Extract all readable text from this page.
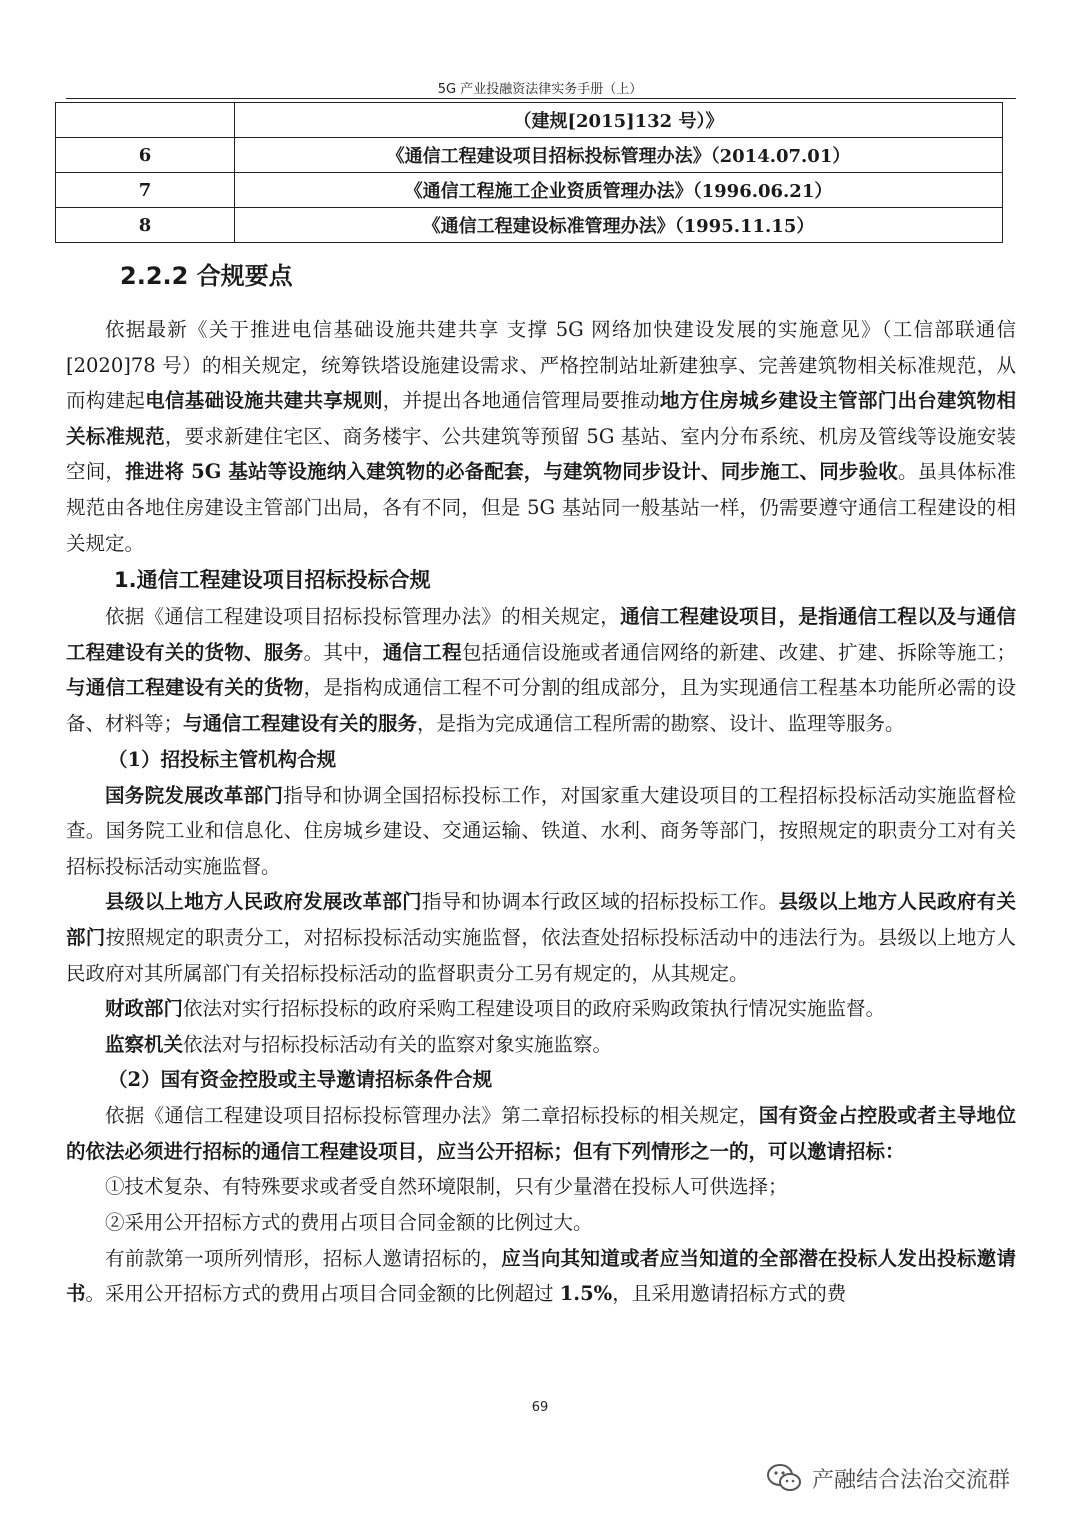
5G 产业投融资法律实务手册（上）
	（建规[2015]132 号）》
6	《通信工程建设项目招标投标管理办法》（2014.07.01）
7	《通信工程施工企业资质管理办法》（1996.06.21）
8	《通信工程建设标准管理办法》（1995.11.15）
2.2.2 合规要点

依据最新《关于推进电信基础设施共建共享 支撑 5G 网络加快建设发展的实施意见》（工信部联通信[2020]78 号）的相关规定，统筹铁塔设施建设需求、严格控制站址新建独享、完善建筑物相关标准规范，从而构建起电信基础设施共建共享规则，并提出各地通信管理局要推动地方住房城乡建设主管部门出台建筑物相关标准规范，要求新建住宅区、商务楼宇、公共建筑等预留 5G 基站、室内分布系统、机房及管线等设施安装空间，推进将 5G 基站等设施纳入建筑物的必备配套，与建筑物同步设计、同步施工、同步验收。虽具体标准规范由各地住房建设主管部门出局，各有不同，但是 5G 基站同一般基站一样，仍需要遵守通信工程建设的相关规定。

1.通信工程建设项目招标投标合规

依据《通信工程建设项目招标投标管理办法》的相关规定，通信工程建设项目，是指通信工程以及与通信工程建设有关的货物、服务。其中，通信工程包括通信设施或者通信网络的新建、改建、扩建、拆除等施工；与通信工程建设有关的货物，是指构成通信工程不可分割的组成部分，且为实现通信工程基本功能所必需的设备、材料等；与通信工程建设有关的服务，是指为完成通信工程所需的勘察、设计、监理等服务。

（1）招投标主管机构合规

国务院发展改革部门指导和协调全国招标投标工作，对国家重大建设项目的工程招标投标活动实施监督检查。国务院工业和信息化、住房城乡建设、交通运输、铁道、水利、商务等部门，按照规定的职责分工对有关招标投标活动实施监督。

县级以上地方人民政府发展改革部门指导和协调本行政区域的招标投标工作。县级以上地方人民政府有关部门按照规定的职责分工，对招标投标活动实施监督，依法查处招标投标活动中的违法行为。县级以上地方人民政府对其所属部门有关招标投标活动的监督职责分工另有规定的，从其规定。

财政部门依法对实行招标投标的政府采购工程建设项目的政府采购政策执行情况实施监督。

监察机关依法对与招标投标活动有关的监察对象实施监察。

（2）国有资金控股或主导邀请招标条件合规

依据《通信工程建设项目招标投标管理办法》第二章招标投标的相关规定，国有资金占控股或者主导地位的依法必须进行招标的通信工程建设项目，应当公开招标；但有下列情形之一的，可以邀请招标：

①技术复杂、有特殊要求或者受自然环境限制，只有少量潜在投标人可供选择；

②采用公开招标方式的费用占项目合同金额的比例过大。

有前款第一项所列情形，招标人邀请招标的，应当向其知道或者应当知道的全部潜在投标人发出投标邀请书。采用公开招标方式的费用占项目合同金额的比例超过 1.5%，且采用邀请招标方式的费

69
产融结合法治交流群
